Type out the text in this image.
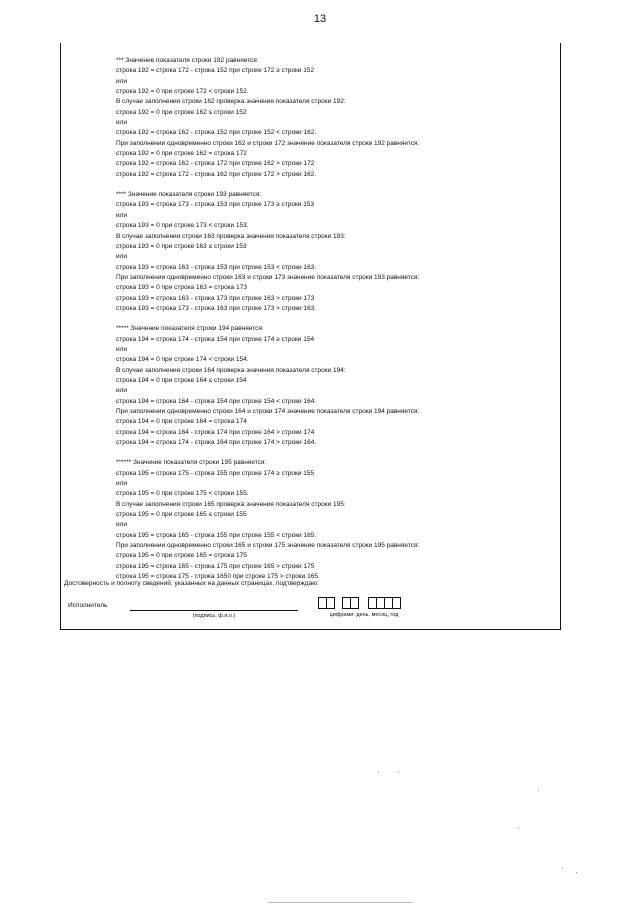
13
*** Значение показателя строки 192 равняется:
строка 192 = строка 172 - строка 152 при строке 172 ≥ строки 152
или
строка 192 = 0 при строке 172 < строки 152.
В случае заполнения строки 162 проверка значения показателя строки 192:
строка 192 = 0 при строке 162 ≤ строки 152
или
строка 192 = строка 162 - строка 152 при строке 152 < строки 162.
При заполнении одновременно строки 162 и строки 172 значение показателя строки 192 равняется:
строка 192 = 0 при строке 162 = строка 172
строка 192 = строка 162 - строка 172 при строке 162 > строки 172
строка 192 = строка 172 - строка 162 при строке 172 > строки 162.
**** Значение показателя строки 193 равняется:
строка 193 = строка 173 - строка 153 при строке 173 ≥ строки 153
или
строка 193 = 0 при строке 173 < строки 153.
В случае заполнения строки 163 проверка значения показателя строки 193:
строка 193 = 0 при строке 163 ≤ строки 153
или
строка 193 = строка 163 - строка 153 при строке 153 < строки 163.
При заполнении одновременно строки 163 и строки 173 значение показателя строки 193 равняется:
строка 193 = 0 при строка 163 = строка 173
строка 193 = строка 163 - строка 173 при строке 163 > строки 173
строка 193 = строка 173 - строка 163 при строке 173 > строки 163.
***** Значение показателя строки 194 равняется:
строка 194 = строка 174 - строка 154 при строке 174 ≥ строки 154
или
строка 194 = 0 при строке 174 < строки 154.
В случае заполнения строки 164 проверка значения показателя строки 194:
строка 194 = 0 при строке 164 ≤ строки 154
или
строка 194 = строка 164 - строка 154 при строке 154 < строки 164.
При заполнении одновременно строки 164 и строки 174 значение показателя строки 194 равняется:
строка 194 = 0 при строке 164 = строка 174
строка 194 = строка 164 - строка 174 при строке 164 > строки 174
строка 194 = строка 174 - строка 164 при строке 174 > строки 164.
****** Значение показателя строки 195 равняется:
строка 195 = строка 175 - строка 155 при строке 174 ≥ строки 155
или
строка 195 = 0 при строке 175 < строки 155.
В случае заполнения строки 165 проверка значения показателя строки 195:
строка 195 = 0 при строке 165 ≤ строки 155
или
строка 195 = строка 165 - строка 155 при строке 155 < строки 165.
При заполнении одновременно строки 165 и строки 175 значение показателя строки 195 равняется:
строка 195 = 0 при строке 165 = строка 175
строка 195 = строка 165 - строка 175 при строке 165 > строки 175
строка 195 = строка 175 - строка 1650 при строке 175 > строки 165.
Достоверность и полноту сведений, указанных на данных страницах, подтверждаю:
Исполнитель
(подпись, ф.и.о.)	цифрами: день, месяц, год
